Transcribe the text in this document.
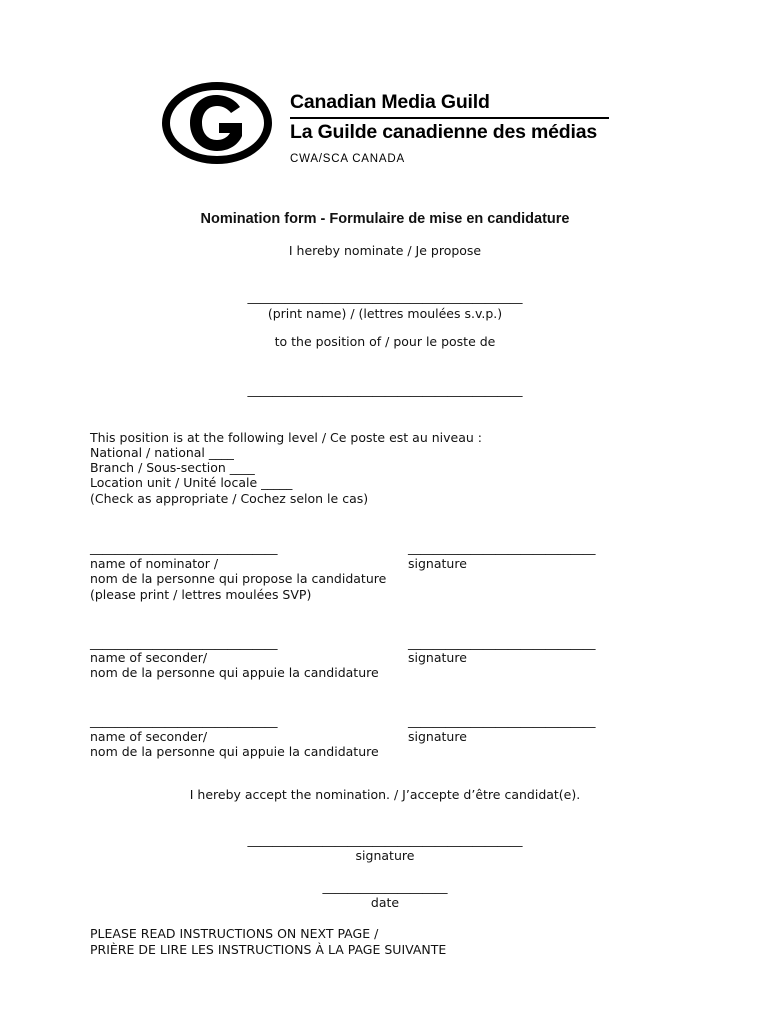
Canadian Media Guild
La Guilde canadienne des médias
CWA/SCA CANADA
Nomination form - Formulaire de mise en candidature
I hereby nominate / Je propose
____________________________________________
(print name) / (lettres moulées s.v.p.)
to the position of / pour le poste de
____________________________________________
This position is at the following level / Ce poste est au niveau :
National / national ____
Branch / Sous-section ____
Location unit / Unité locale _____
(Check as appropriate / Cochez selon le cas)
______________________________	______________________________
name of nominator /	signature
nom de la personne qui propose la candidature
(please print / lettres moulées SVP)
______________________________	______________________________
name of seconder/	signature
nom de la personne qui appuie la candidature
______________________________	______________________________
name of seconder/	signature
nom de la personne qui appuie la candidature
I hereby accept the nomination. / J’accepte d’être candidat(e).
____________________________________________
signature
____________________
date
PLEASE READ INSTRUCTIONS ON NEXT PAGE /
PRIÈRE DE LIRE LES INSTRUCTIONS À LA PAGE SUIVANTE
